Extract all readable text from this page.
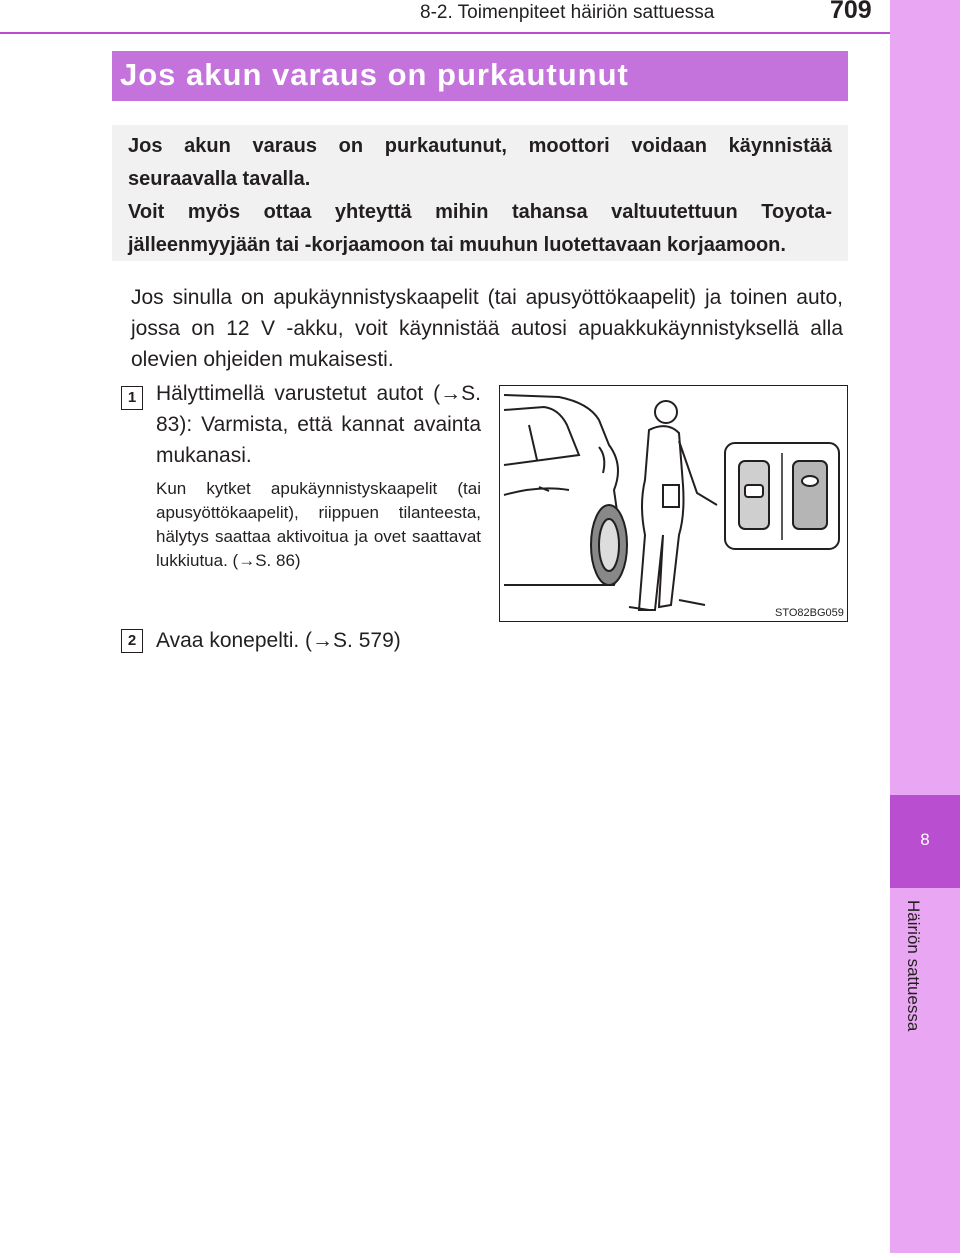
8
Häiriön sattuessa
8-2. Toimenpiteet häiriön sattuessa	709
Jos akun varaus on purkautunut

Jos akun varaus on purkautunut, moottori voidaan käynnistää seuraavalla tavalla.

Voit myös ottaa yhteyttä mihin tahansa valtuutettuun Toyota-jälleenmyyjään tai -korjaamoon tai muuhun luotettavaan korjaamoon.

Jos sinulla on apukäynnistyskaapelit (tai apusyöttökaapelit) ja toinen auto, jossa on 12 V -akku, voit käynnistää autosi apuakkukäynnistyksellä alla olevien ohjeiden mukaisesti.

1 Hälyttimellä varustetut autot (→S. 83): Varmista, että kannat avainta mukanasi.

Kun kytket apukäynnistyskaapelit (tai apusyöttökaapelit), riippuen tilanteesta, hälytys saattaa aktivoitua ja ovet saattavat lukkiutua. (→S. 86)

2 Avaa konepelti. (→S. 579)

STO82BG059
